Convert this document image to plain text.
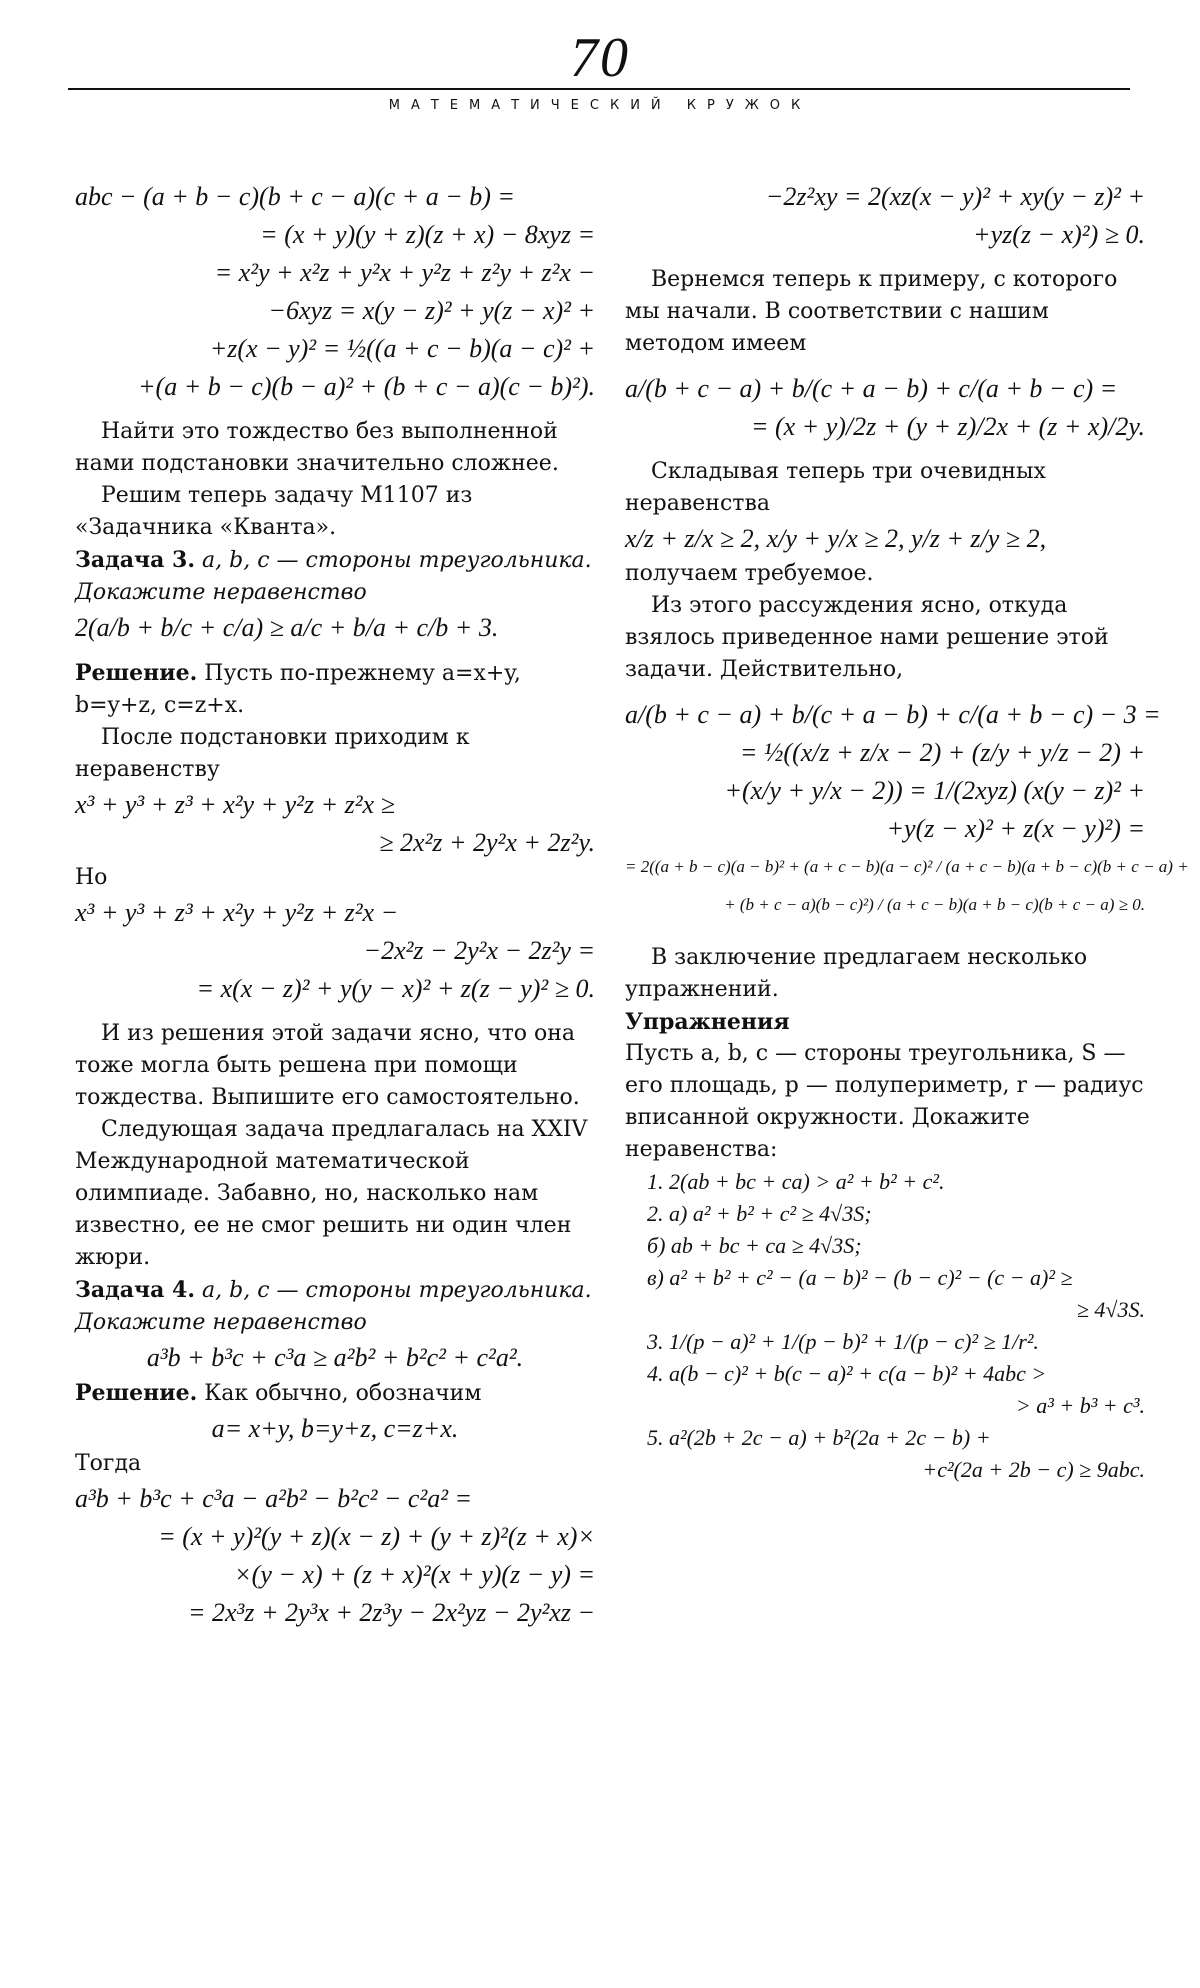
70
МАТЕМАТИЧЕСКИЙ КРУЖОК
abc − (a + b − c)(b + c − a)(c + a − b) =
= (x + y)(y + z)(z + x) − 8xyz =
= x²y + x²z + y²x + y²z + z²y + z²x −
−6xyz = x(y − z)² + y(z − x)² +
+z(x − y)² = ½((a + c − b)(a − c)² +
+(a + b − c)(b − a)² + (b + c − a)(c − b)²).

Найти это тождество без выполненной нами подстановки значительно сложнее.

Решим теперь задачу М1107 из «Задачника «Кванта».

Задача 3. a, b, c — стороны треугольника. Докажите неравенство

2(a/b + b/c + c/a) ≥ a/c + b/a + c/b + 3.

Решение. Пусть по-прежнему a=x+y, b=y+z, c=z+x.

После подстановки приходим к неравенству

x³ + y³ + z³ + x²y + y²z + z²x ≥
≥ 2x²z + 2y²x + 2z²y.

Но

x³ + y³ + z³ + x²y + y²z + z²x −
−2x²z − 2y²x − 2z²y =
= x(x − z)² + y(y − x)² + z(z − y)² ≥ 0.

И из решения этой задачи ясно, что она тоже могла быть решена при помощи тождества. Выпишите его самостоятельно.

Следующая задача предлагалась на XXIV Международной математической олимпиаде. Забавно, но, насколько нам известно, ее не смог решить ни один член жюри.

Задача 4. a, b, c — стороны треугольника. Докажите неравенство

a³b + b³c + c³a ≥ a²b² + b²c² + c²a².

Решение. Как обычно, обозначим

a= x+y, b=y+z, c=z+x.

Тогда

a³b + b³c + c³a − a²b² − b²c² − c²a² =
= (x + y)²(y + z)(x − z) + (y + z)²(z + x)×
×(y − x) + (z + x)²(x + y)(z − y) =
= 2x³z + 2y³x + 2z³y − 2x²yz − 2y²xz −
−2z²xy = 2(xz(x − y)² + xy(y − z)² +
+yz(z − x)²) ≥ 0.

Вернемся теперь к примеру, с которого мы начали. В соответствии с нашим методом имеем

a/(b + c − a) + b/(c + a − b) + c/(a + b − c) =
= (x + y)/2z + (y + z)/2x + (z + x)/2y.

Складывая теперь три очевидных неравенства

x/z + z/x ≥ 2, x/y + y/x ≥ 2, y/z + z/y ≥ 2,

получаем требуемое.

Из этого рассуждения ясно, откуда взялось приведенное нами решение этой задачи. Действительно,

a/(b + c − a) + b/(c + a − b) + c/(a + b − c) − 3 =
= ½((x/z + z/x − 2) + (z/y + y/z − 2) +
+(x/y + y/x − 2)) = 1/(2xyz) (x(y − z)² +
+y(z − x)² + z(x − y)²) =
= 2((a + b − c)(a − b)² + (a + c − b)(a − c)² / (a + c − b)(a + b − c)(b + c − a) +
+ (b + c − a)(b − c)²) / (a + c − b)(a + b − c)(b + c − a) ≥ 0.

В заключение предлагаем несколько упражнений.

Упражнения

Пусть a, b, c — стороны треугольника, S — его площадь, p — полупериметр, r — радиус вписанной окружности. Докажите неравенства:

1. 2(ab + bc + ca) > a² + b² + c².
2. а) a² + b² + c² ≥ 4√3S;
б) ab + bc + ca ≥ 4√3S;
в) a² + b² + c² − (a − b)² − (b − c)² − (c − a)² ≥
≥ 4√3S.
3. 1/(p − a)² + 1/(p − b)² + 1/(p − c)² ≥ 1/r².
4. a(b − c)² + b(c − a)² + c(a − b)² + 4abc >
> a³ + b³ + c³.
5. a²(2b + 2c − a) + b²(2a + 2c − b) +
+c²(2a + 2b − c) ≥ 9abc.
